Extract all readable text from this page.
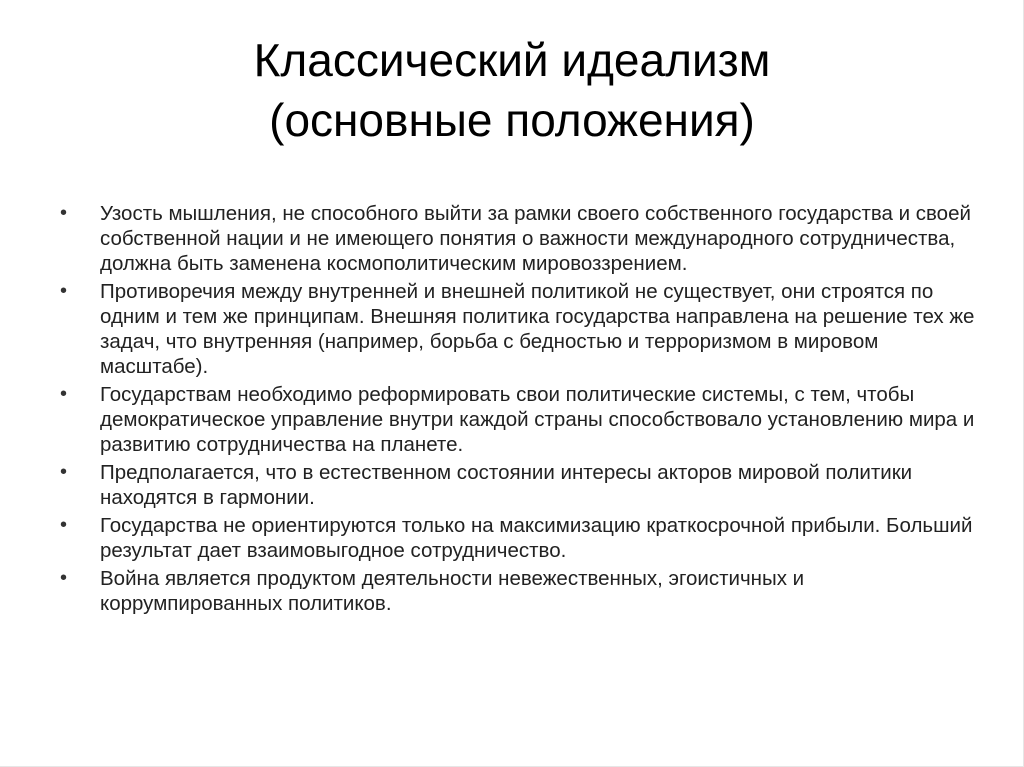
Классический идеализм
(основные положения)
•	Узость мышления, не способного выйти за рамки своего собственного государства и своей собственной нации и не имеющего понятия о важности международного сотрудничества, должна быть заменена космополитическим мировоззрением.
•	Противоречия между внутренней и внешней политикой не существует, они строятся по одним и тем же принципам. Внешняя политика государства направлена на решение тех же задач, что внутренняя (например, борьба с бедностью и терроризмом в мировом масштабе).
•	Государствам необходимо реформировать свои политические системы, с тем, чтобы демократическое управление внутри каждой страны способствовало установлению мира и развитию сотрудничества на планете.
•	Предполагается, что в естественном состоянии интересы акторов мировой политики находятся в гармонии.
•	Государства не ориентируются только на максимизацию краткосрочной прибыли. Больший результат дает взаимовыгодное сотрудничество.
•	Война является продуктом деятельности невежественных, эгоистичных и коррумпированных политиков.
